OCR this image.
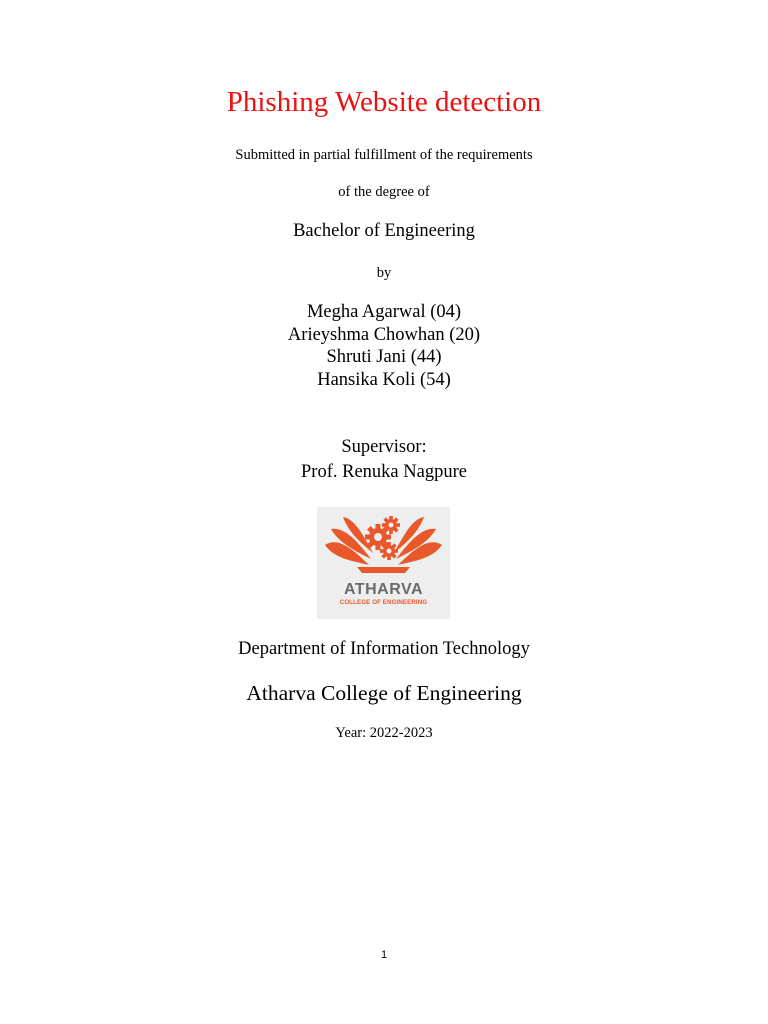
Phishing Website detection
Submitted in partial fulfillment of the requirements
of the degree of
Bachelor of Engineering
by
Megha Agarwal (04)
Arieyshma Chowhan (20)
Shruti Jani (44)
Hansika Koli (54)
Supervisor:
Prof. Renuka Nagpure
ATHARVA
COLLEGE OF ENGINEERING
Department of Information Technology
Atharva College of Engineering
Year: 2022-2023
1
